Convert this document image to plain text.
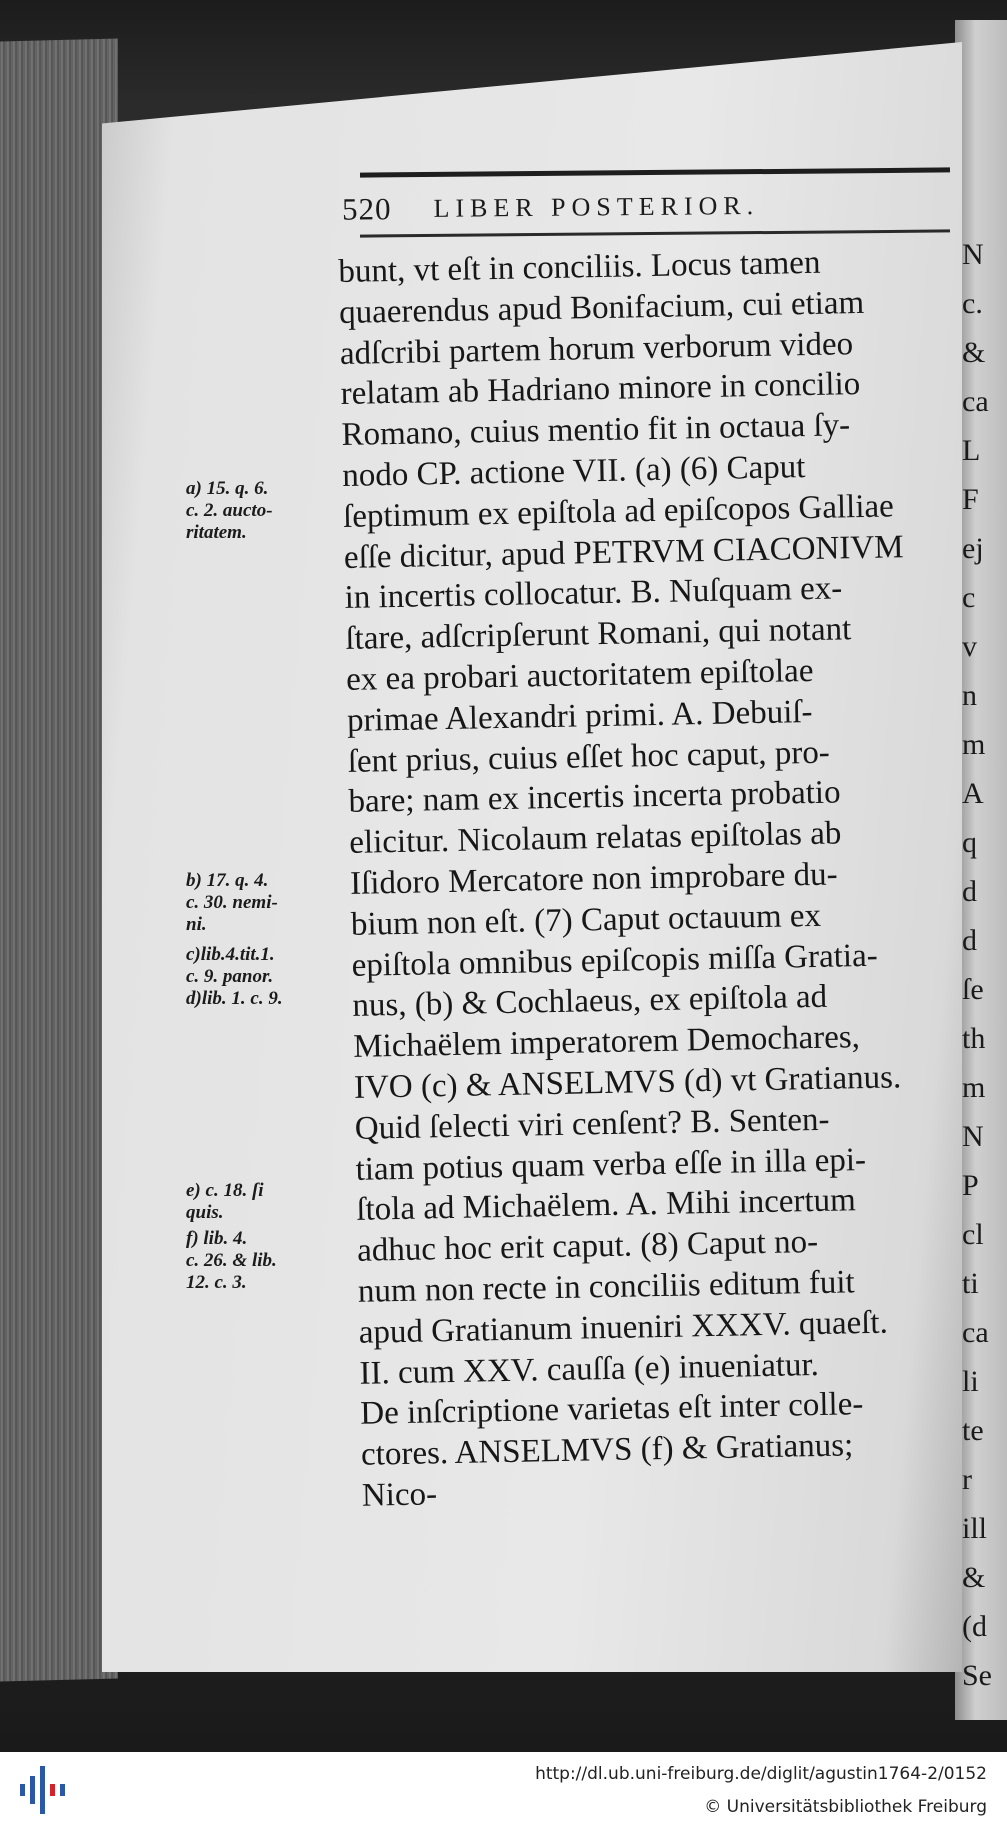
N
c.
&
ca
L
F
ej
c
v
n
m
A
q
d
d
ſe
th
m
N
P
cl
ti
ca
li
te
r
ill
&
(d
Se
520 LIBER POSTERIOR.
a) 15. q. 6.
c. 2. aucto-
ritatem.
b) 17. q. 4.
c. 30. nemi-
ni.
c)lib.4.tit.1.
c. 9. panor.
d)lib. 1. c. 9.
e) c. 18. ſi
quis.
f) lib. 4.
c. 26. & lib.
12. c. 3.
bunt, vt eſt in conciliis. Locus tamen
quaerendus apud Bonifacium, cui etiam
adſcribi partem horum verborum video
relatam ab Hadriano minore in concilio
Romano, cuius mentio fit in octaua ſy-
nodo CP. actione VII. (a) (6) Caput
ſeptimum ex epiſtola ad epiſcopos Galliae
eſſe dicitur, apud PETRVM CIACONIVM
in incertis collocatur. B. Nuſquam ex-
ſtare, adſcripſerunt Romani, qui notant
ex ea probari auctoritatem epiſtolae
primae Alexandri primi. A. Debuiſ-
ſent prius, cuius eſſet hoc caput, pro-
bare; nam ex incertis incerta probatio
elicitur. Nicolaum relatas epiſtolas ab
Iſidoro Mercatore non improbare du-
bium non eſt. (7) Caput octauum ex
epiſtola omnibus epiſcopis miſſa Gratia-
nus, (b) & Cochlaeus, ex epiſtola ad
Michaëlem imperatorem Demochares,
IVO (c) & ANSELMVS (d) vt Gratianus.
Quid ſelecti viri cenſent? B. Senten-
tiam potius quam verba eſſe in illa epi-
ſtola ad Michaëlem. A. Mihi incertum
adhuc hoc erit caput. (8) Caput no-
num non recte in conciliis editum fuit
apud Gratianum inueniri XXXV. quaeſt.
II. cum XXV. cauſſa (e) inueniatur.
De inſcriptione varietas eſt inter colle-
ctores. ANSELMVS (f) & Gratianus;
Nico-
http://dl.ub.uni-freiburg.de/diglit/agustin1764-2/0152
© Universitätsbibliothek Freiburg
